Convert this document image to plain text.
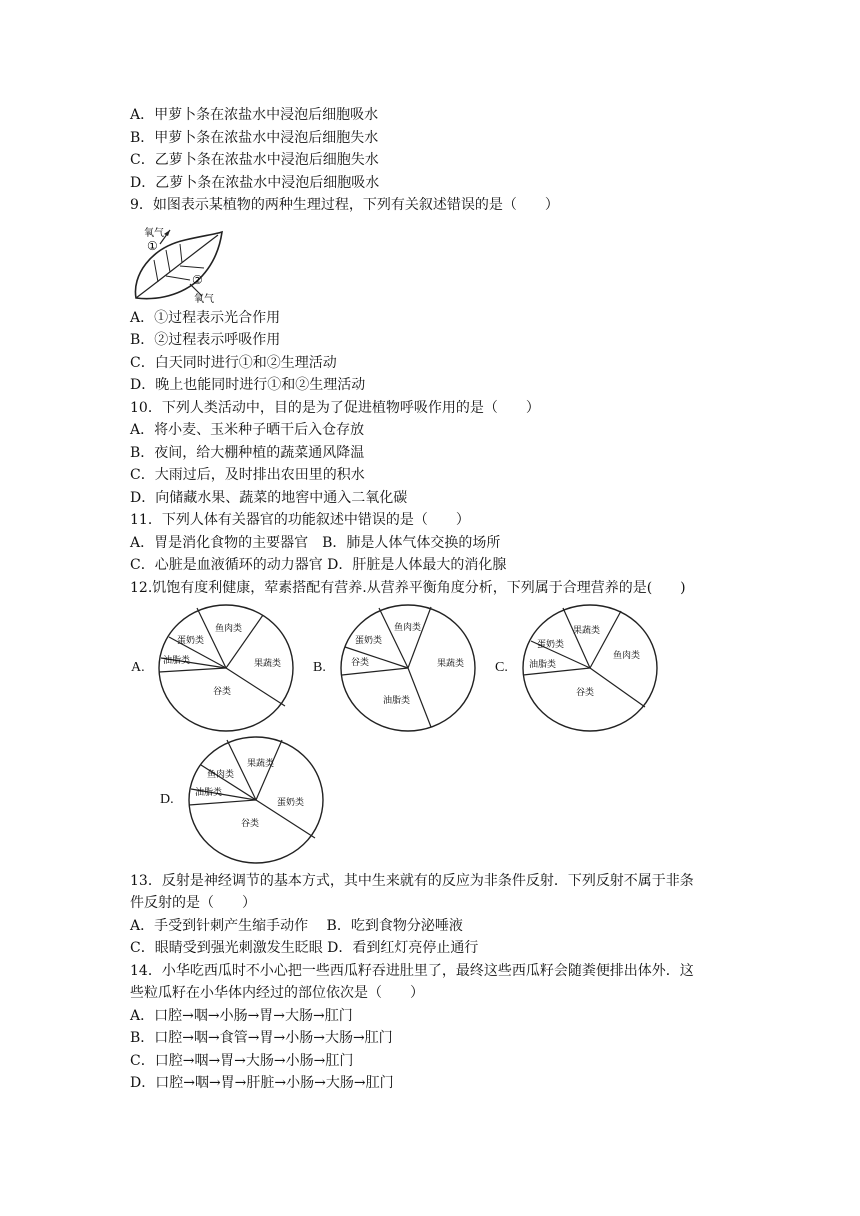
A．甲萝卜条在浓盐水中浸泡后细胞吸水
B．甲萝卜条在浓盐水中浸泡后细胞失水
C．乙萝卜条在浓盐水中浸泡后细胞失水
D．乙萝卜条在浓盐水中浸泡后细胞吸水
9．如图表示某植物的两种生理过程，下列有关叙述错误的是（　　）
氧气
①
②
氧气
A．①过程表示光合作用
B．②过程表示呼吸作用
C．白天同时进行①和②生理活动
D．晚上也能同时进行①和②生理活动
10．下列人类活动中，目的是为了促进植物呼吸作用的是（　　）
A．将小麦、玉米种子晒干后入仓存放
B．夜间，给大棚种植的蔬菜通风降温
C．大雨过后，及时排出农田里的积水
D．向储藏水果、蔬菜的地窖中通入二氧化碳
11．下列人体有关器官的功能叙述中错误的是（　　）
A．胃是消化食物的主要器官　B．肺是人体气体交换的场所
C．心脏是血液循环的动力器官 D．肝脏是人体最大的消化腺
12.饥饱有度利健康，荤素搭配有营养.从营养平衡角度分析，下列属于合理营养的是(　　)
A.
鱼肉类
蛋奶类
油脂类	果蔬类
谷类
B.
鱼肉类
蛋奶类
谷类	果蔬类
油脂类
C.
果蔬类
蛋奶类
鱼肉类
油脂类
谷类
D.
果蔬类
鱼肉类
油脂类
蛋奶类
谷类
13．反射是神经调节的基本方式，其中生来就有的反应为非条件反射．下列反射不属于非条
件反射的是（　　）
A．手受到针刺产生缩手动作　 B．吃到食物分泌唾液
C．眼睛受到强光刺激发生眨眼 D．看到红灯亮停止通行
14．小华吃西瓜时不小心把一些西瓜籽吞进肚里了，最终这些西瓜籽会随粪便排出体外．这
些粒瓜籽在小华体内经过的部位依次是（　　）
A．口腔→咽→小肠→胃→大肠→肛门
B．口腔→咽→食管→胃→小肠→大肠→肛门
C．口腔→咽→胃→大肠→小肠→肛门
D．口腔→咽→胃→肝脏→小肠→大肠→肛门
